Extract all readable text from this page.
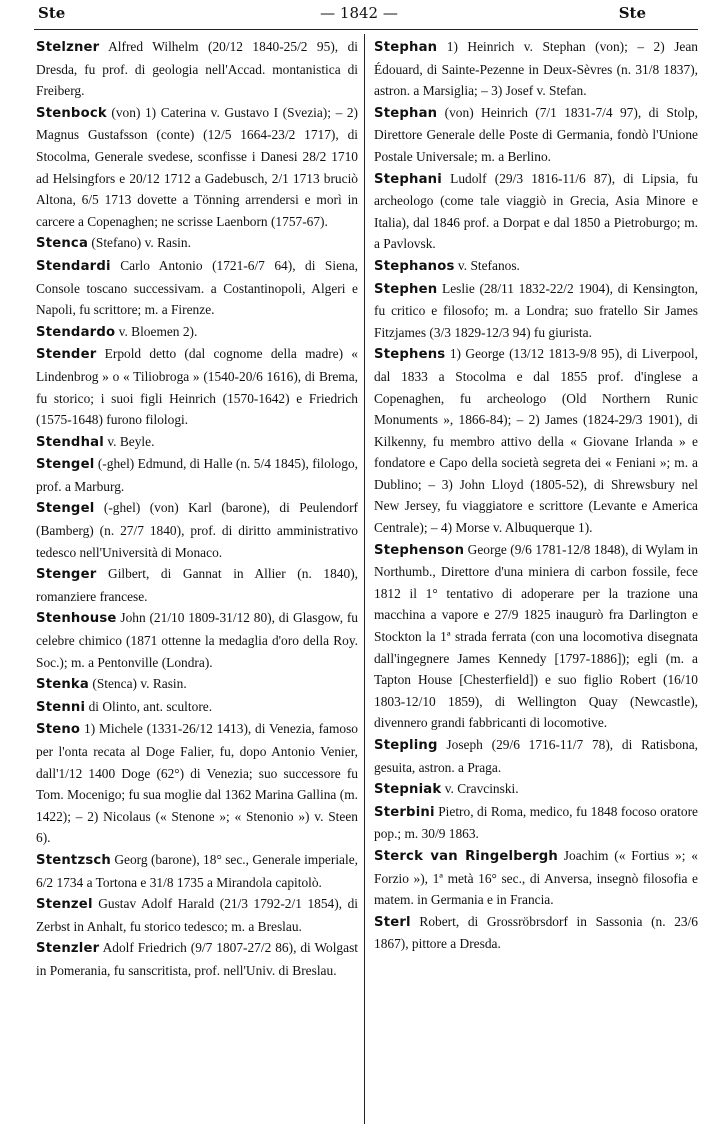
Ste	— 1842 —	Ste
Stelzner Alfred Wilhelm (20/12 1840-25/2 95), di Dresda, fu prof. di geologia nell'Accad. montanistica di Freiberg.
Stenbock (von) 1) Caterina v. Gustavo I (Svezia); – 2) Magnus Gustafsson (conte) (12/5 1664-23/2 1717), di Stocolma, Generale svedese, sconfisse i Danesi 28/2 1710 ad Helsingfors e 20/12 1712 a Gadebusch, 2/1 1713 bruciò Altona, 6/5 1713 dovette a Tönning arrendersi e morì in carcere a Copenaghen; ne scrisse Laenborn (1757-67).
Stenca (Stefano) v. Rasin.
Stendardi Carlo Antonio (1721-6/7 64), di Siena, Console toscano successivam. a Costantinopoli, Algeri e Napoli, fu scrittore; m. a Firenze.
Stendardo v. Bloemen 2).
Stender Erpold detto (dal cognome della madre) « Lindenbrog » o « Tiliobroga » (1540-20/6 1616), di Brema, fu storico; i suoi figli Heinrich (1570-1642) e Friedrich (1575-1648) furono filologi.
Stendhal v. Beyle.
Stengel (-ghel) Edmund, di Halle (n. 5/4 1845), filologo, prof. a Marburg.
Stengel (-ghel) (von) Karl (barone), di Peulendorf (Bamberg) (n. 27/7 1840), prof. di diritto amministrativo tedesco nell'Università di Monaco.
Stenger Gilbert, di Gannat in Allier (n. 1840), romanziere francese.
Stenhouse John (21/10 1809-31/12 80), di Glasgow, fu celebre chimico (1871 ottenne la medaglia d'oro della Roy. Soc.); m. a Pentonville (Londra).
Stenka (Stenca) v. Rasin.
Stenni di Olinto, ant. scultore.
Steno 1) Michele (1331-26/12 1413), di Venezia, famoso per l'onta recata al Doge Falier, fu, dopo Antonio Venier, dall'1/12 1400 Doge (62°) di Venezia; suo successore fu Tom. Mocenigo; fu sua moglie dal 1362 Marina Gallina (m. 1422); – 2) Nicolaus (« Stenone »; « Stenonio ») v. Steen 6).
Stentzsch Georg (barone), 18° sec., Generale imperiale, 6/2 1734 a Tortona e 31/8 1735 a Mirandola capitolò.
Stenzel Gustav Adolf Harald (21/3 1792-2/1 1854), di Zerbst in Anhalt, fu storico tedesco; m. a Breslau.
Stenzler Adolf Friedrich (9/7 1807-27/2 86), di Wolgast in Pomerania, fu sanscritista, prof. nell'Univ. di Breslau.
Stephan 1) Heinrich v. Stephan (von); – 2) Jean Édouard, di Sainte-Pezenne in Deux-Sèvres (n. 31/8 1837), astron. a Marsiglia; – 3) Josef v. Stefan.
Stephan (von) Heinrich (7/1 1831-7/4 97), di Stolp, Direttore Generale delle Poste di Germania, fondò l'Unione Postale Universale; m. a Berlino.
Stephani Ludolf (29/3 1816-11/6 87), di Lipsia, fu archeologo (come tale viaggiò in Grecia, Asia Minore e Italia), dal 1846 prof. a Dorpat e dal 1850 a Pietroburgo; m. a Pavlovsk.
Stephanos v. Stefanos.
Stephen Leslie (28/11 1832-22/2 1904), di Kensington, fu critico e filosofo; m. a Londra; suo fratello Sir James Fitzjames (3/3 1829-12/3 94) fu giurista.
Stephens 1) George (13/12 1813-9/8 95), di Liverpool, dal 1833 a Stocolma e dal 1855 prof. d'inglese a Copenaghen, fu archeologo (Old Northern Runic Monuments », 1866-84); – 2) James (1824-29/3 1901), di Kilkenny, fu membro attivo della « Giovane Irlanda » e fondatore e Capo della società segreta dei « Feniani »; m. a Dublino; – 3) John Lloyd (1805-52), di Shrewsbury nel New Jersey, fu viaggiatore e scrittore (Levante e America Centrale); – 4) Morse v. Albuquerque 1).
Stephenson George (9/6 1781-12/8 1848), di Wylam in Northumb., Direttore d'una miniera di carbon fossile, fece 1812 il 1° tentativo di adoperare per la trazione una macchina a vapore e 27/9 1825 inaugurò fra Darlington e Stockton la 1ª strada ferrata (con una locomotiva disegnata dall'ingegnere James Kennedy [1797-1886]); egli (m. a Tapton House [Chesterfield]) e suo figlio Robert (16/10 1803-12/10 1859), di Wellington Quay (Newcastle), divennero grandi fabbricanti di locomotive.
Stepling Joseph (29/6 1716-11/7 78), di Ratisbona, gesuita, astron. a Praga.
Stepniak v. Cravcinski.
Sterbini Pietro, di Roma, medico, fu 1848 focoso oratore pop.; m. 30/9 1863.
Sterck van Ringelbergh Joachim (« Fortius »; « Forzio »), 1ª metà 16° sec., di Anversa, insegnò filosofia e matem. in Germania e in Francia.
Sterl Robert, di Grossröbrsdorf in Sassonia (n. 23/6 1867), pittore a Dresda.
